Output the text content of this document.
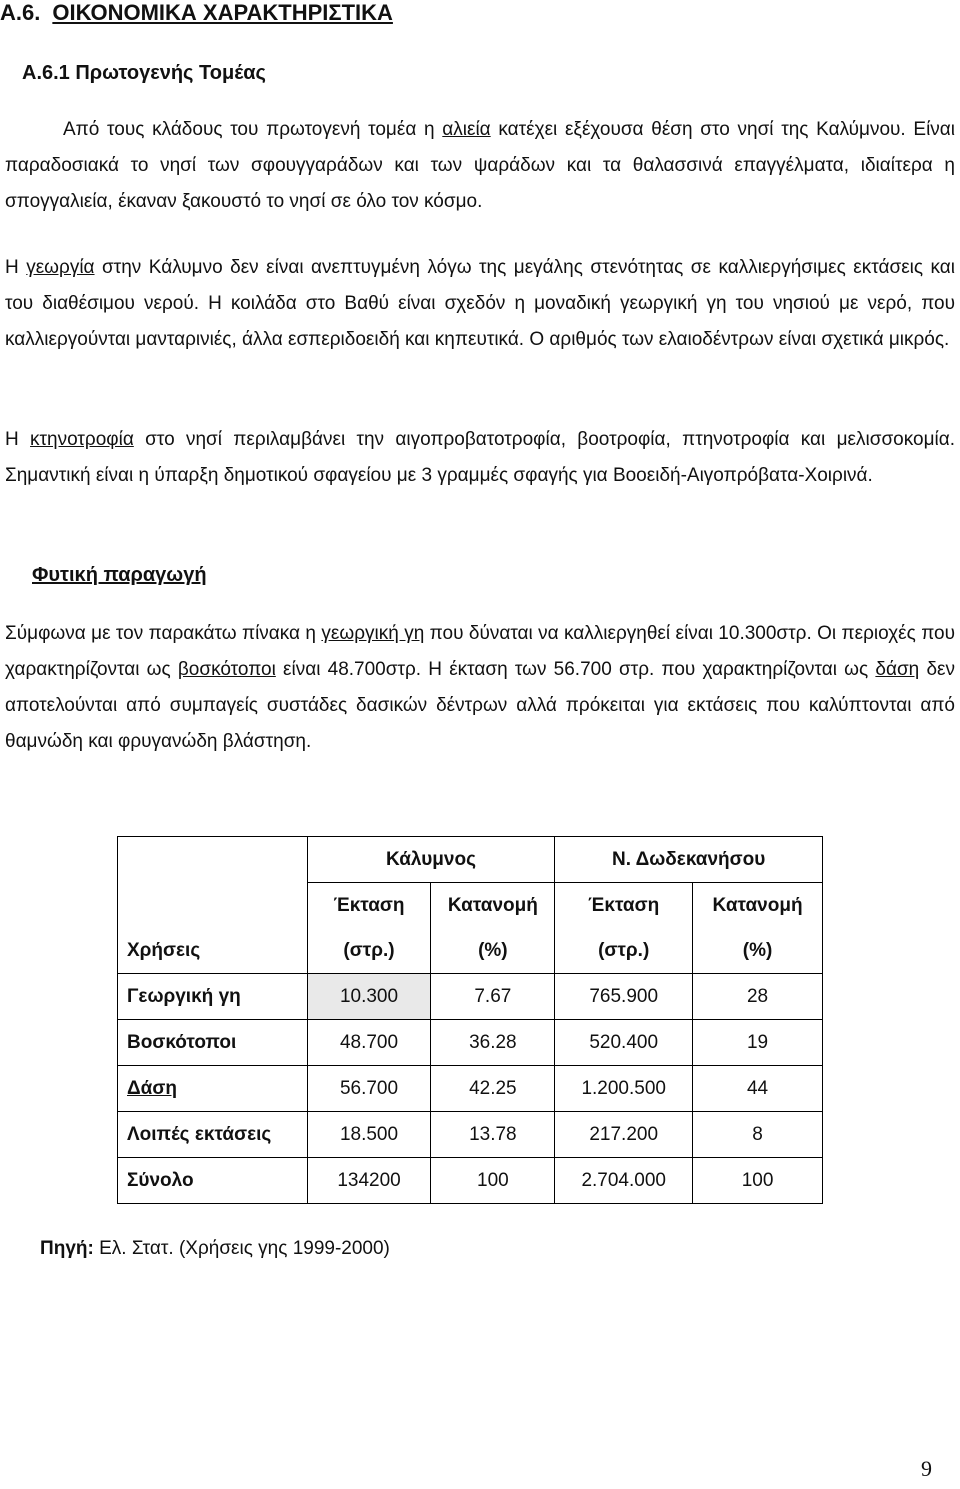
Α.6. ΟΙΚΟΝΟΜΙΚΑ ΧΑΡΑΚΤΗΡΙΣΤΙΚΑ
Α.6.1 Πρωτογενής Τομέας
Από τους κλάδους του πρωτογενή τομέα η αλιεία κατέχει εξέχουσα θέση στο νησί της Καλύμνου. Είναι παραδοσιακά το νησί των σφουγγαράδων και των ψαράδων και τα θαλασσινά επαγγέλματα, ιδιαίτερα η σπογγαλιεία, έκαναν ξακουστό το νησί σε όλο τον κόσμο.
Η γεωργία στην Κάλυμνο δεν είναι ανεπτυγμένη λόγω της μεγάλης στενότητας σε καλλιεργήσιμες εκτάσεις και του διαθέσιμου νερού. Η κοιλάδα στο Βαθύ είναι σχεδόν η μοναδική γεωργική γη του νησιού με νερό, που καλλιεργούνται μανταρινιές, άλλα εσπεριδοειδή και κηπευτικά. Ο αριθμός των ελαιοδέντρων είναι σχετικά μικρός.
Η κτηνοτροφία στο νησί περιλαμβάνει την αιγοπροβατοτροφία, βοοτροφία, πτηνοτροφία και μελισσοκομία. Σημαντική είναι η ύπαρξη δημοτικού σφαγείου με 3 γραμμές σφαγής για Βοοειδή-Αιγοπρόβατα-Χοιρινά.
Φυτική παραγωγή
Σύμφωνα με τον παρακάτω πίνακα η γεωργική γη που δύναται να καλλιεργηθεί είναι 10.300στρ. Οι περιοχές που χαρακτηρίζονται ως βοσκότοποι είναι 48.700στρ. Η έκταση των 56.700 στρ. που χαρακτηρίζονται ως δάση δεν αποτελούνται από συμπαγείς συστάδες δασικών δέντρων αλλά πρόκειται για εκτάσεις που καλύπτονται από θαμνώδη και φρυγανώδη βλάστηση.
	Κάλυμνος		Ν. Δωδεκανήσου	
	Έκταση	Κατανομή	Έκταση	Κατανομή
Χρήσεις	(στρ.)	(%)	(στρ.)	(%)
Γεωργική γη	10.300	7.67	765.900	28
Βοσκότοποι	48.700	36.28	520.400	19
Δάση	56.700	42.25	1.200.500	44
Λοιπές εκτάσεις	18.500	13.78	217.200	8
Σύνολο	134200	100	2.704.000	100
Πηγή: Ελ. Στατ. (Χρήσεις γης 1999-2000)
9
